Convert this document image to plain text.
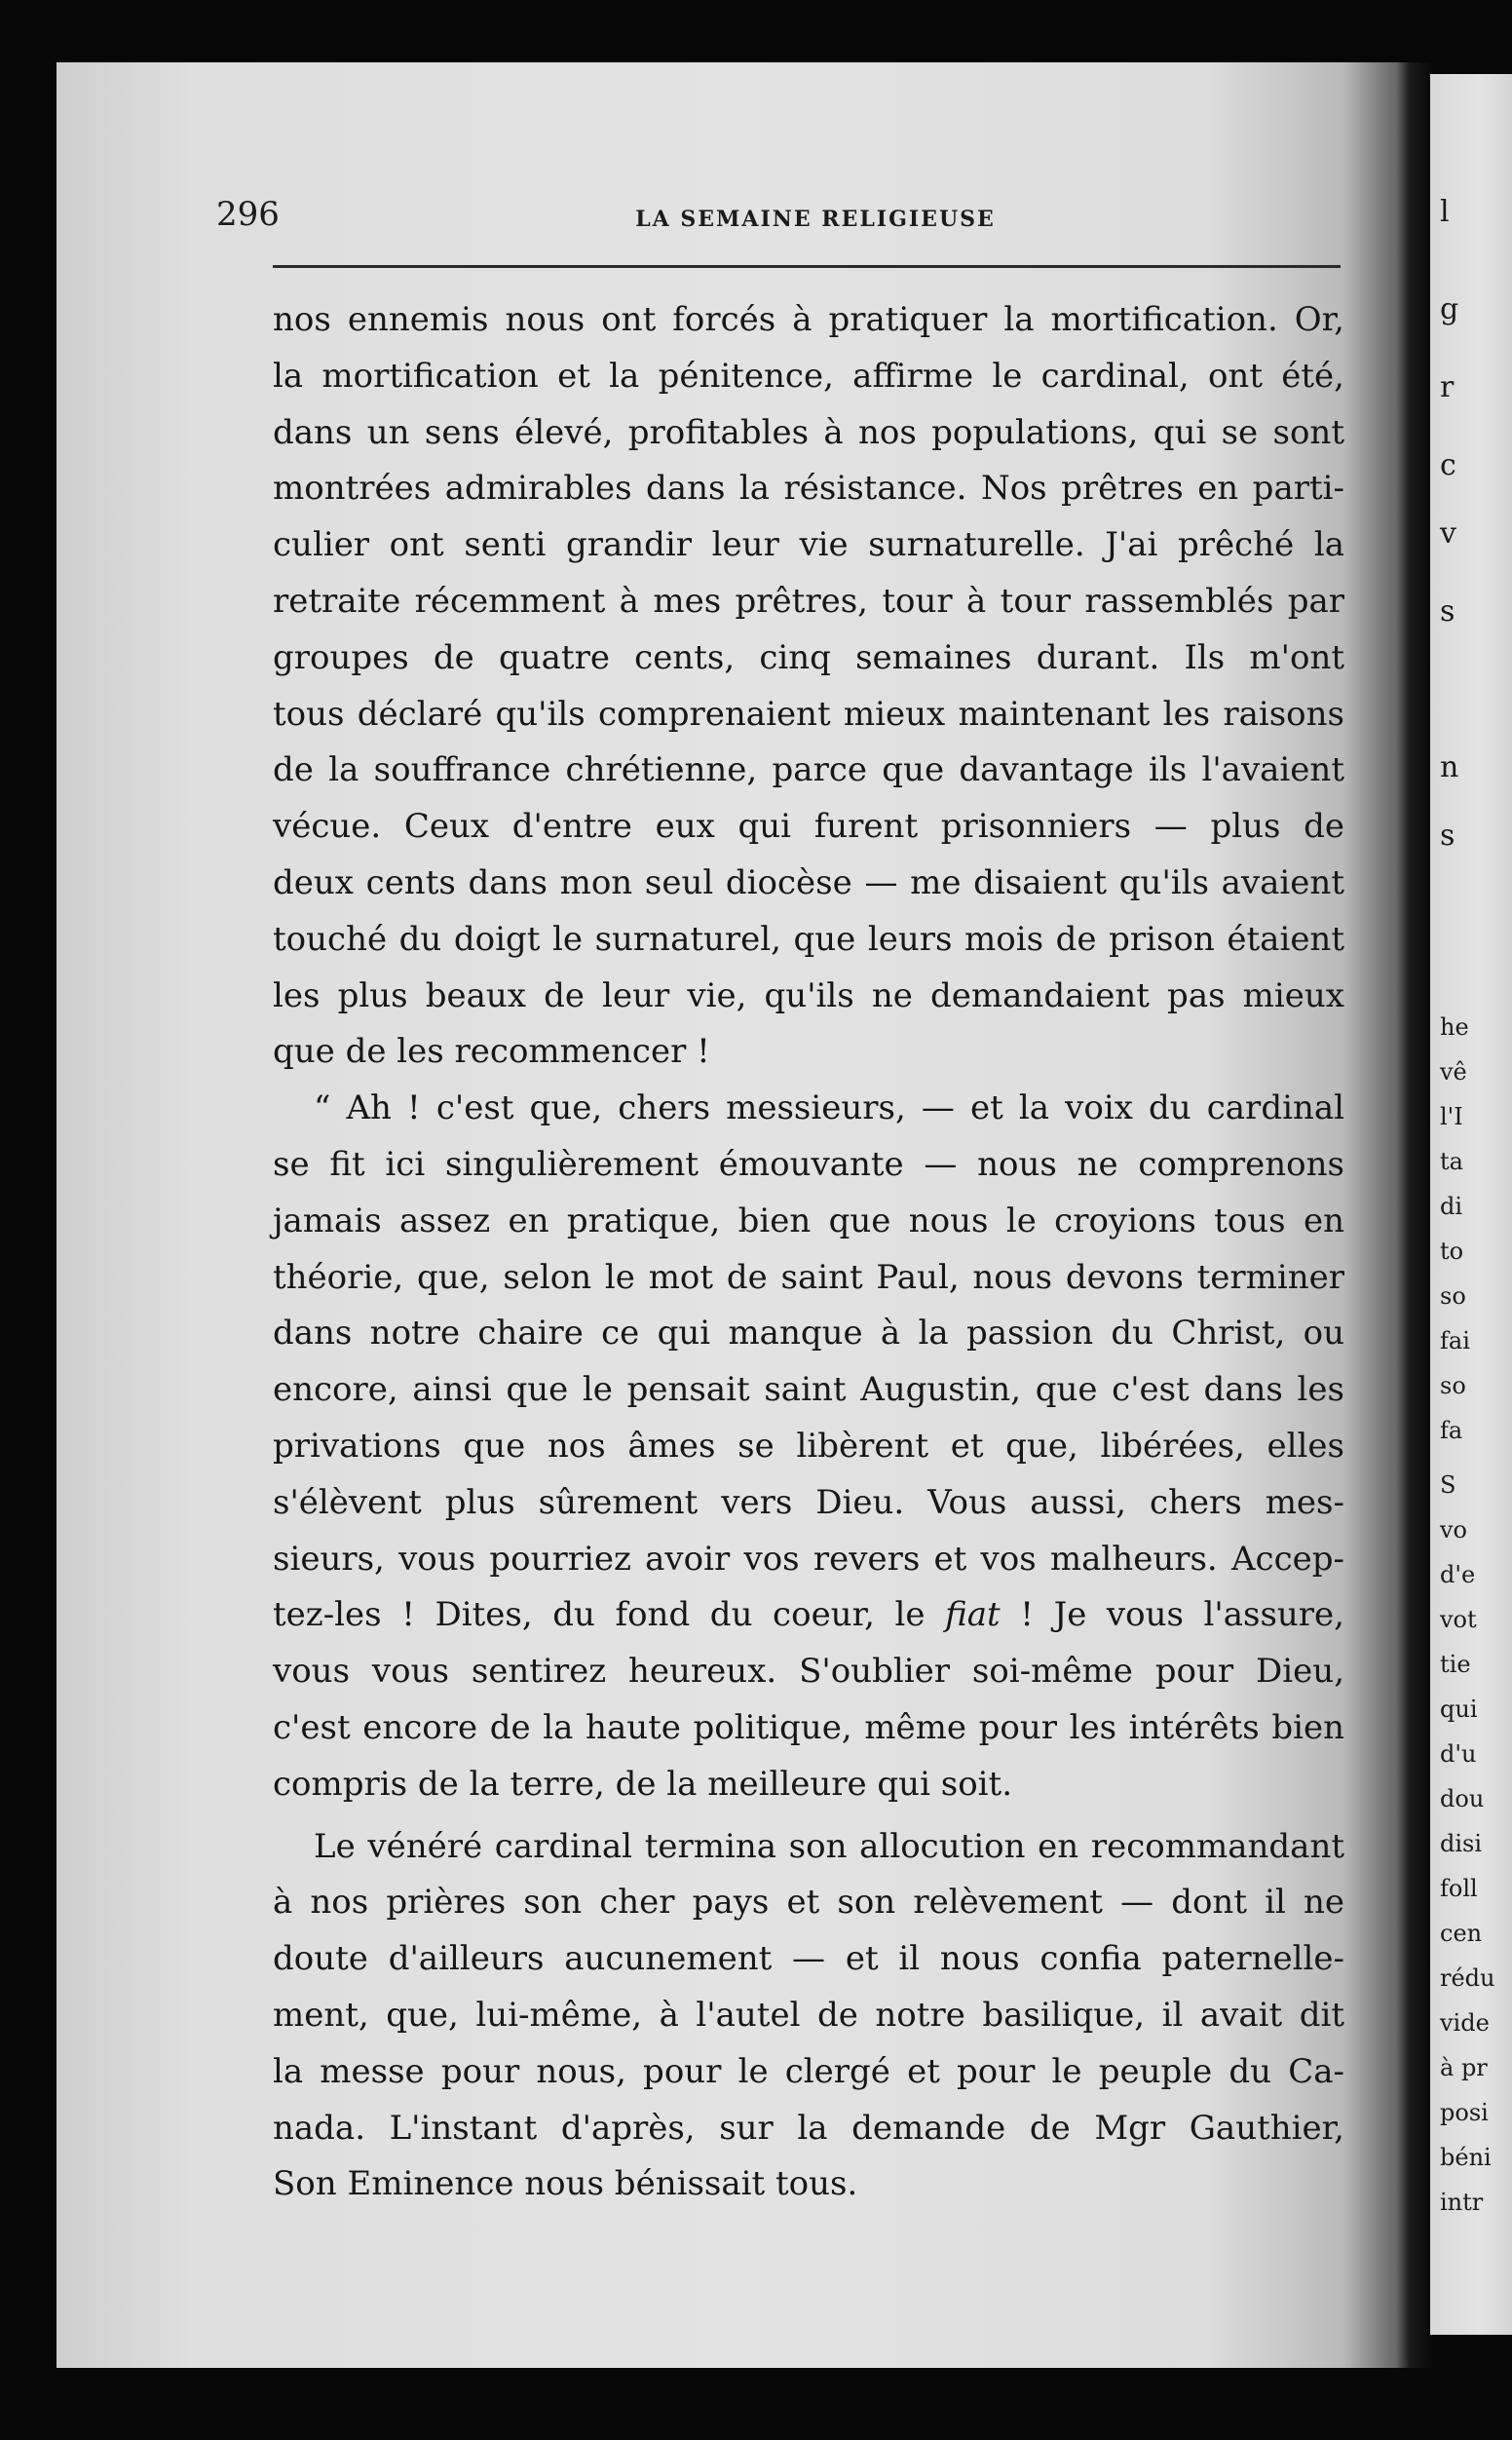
l
g
r
c
v
s
n
s
he
vê
l'I
ta
di
to
so
fai
so
fa
S
vo
d'e
vot
tie
qui
d'u
dou
disi
foll
cen
rédu
vide
à pr
posi
béni
intr
296	LA SEMAINE RELIGIEUSE
nos ennemis nous ont forcés à pratiquer la mortification. Or,
la mortification et la pénitence, affirme le cardinal, ont été,
dans un sens élevé, profitables à nos populations, qui se sont
montrées admirables dans la résistance. Nos prêtres en parti-
culier ont senti grandir leur vie surnaturelle. J'ai prêché la
retraite récemment à mes prêtres, tour à tour rassemblés par
groupes de quatre cents, cinq semaines durant. Ils m'ont
tous déclaré qu'ils comprenaient mieux maintenant les raisons
de la souffrance chrétienne, parce que davantage ils l'avaient
vécue. Ceux d'entre eux qui furent prisonniers — plus de
deux cents dans mon seul diocèse — me disaient qu'ils avaient
touché du doigt le surnaturel, que leurs mois de prison étaient
les plus beaux de leur vie, qu'ils ne demandaient pas mieux
que de les recommencer !
“ Ah ! c'est que, chers messieurs, — et la voix du cardinal
se fit ici singulièrement émouvante — nous ne comprenons
jamais assez en pratique, bien que nous le croyions tous en
théorie, que, selon le mot de saint Paul, nous devons terminer
dans notre chaire ce qui manque à la passion du Christ, ou
encore, ainsi que le pensait saint Augustin, que c'est dans les
privations que nos âmes se libèrent et que, libérées, elles
s'élèvent plus sûrement vers Dieu. Vous aussi, chers mes-
sieurs, vous pourriez avoir vos revers et vos malheurs. Accep-
tez-les ! Dites, du fond du coeur, le fiat ! Je vous l'assure,
vous vous sentirez heureux. S'oublier soi-même pour Dieu,
c'est encore de la haute politique, même pour les intérêts bien
compris de la terre, de la meilleure qui soit.
Le vénéré cardinal termina son allocution en recommandant
à nos prières son cher pays et son relèvement — dont il ne
doute d'ailleurs aucunement — et il nous confia paternelle-
ment, que, lui-même, à l'autel de notre basilique, il avait dit
la messe pour nous, pour le clergé et pour le peuple du Ca-
nada. L'instant d'après, sur la demande de Mgr Gauthier,
Son Eminence nous bénissait tous.
